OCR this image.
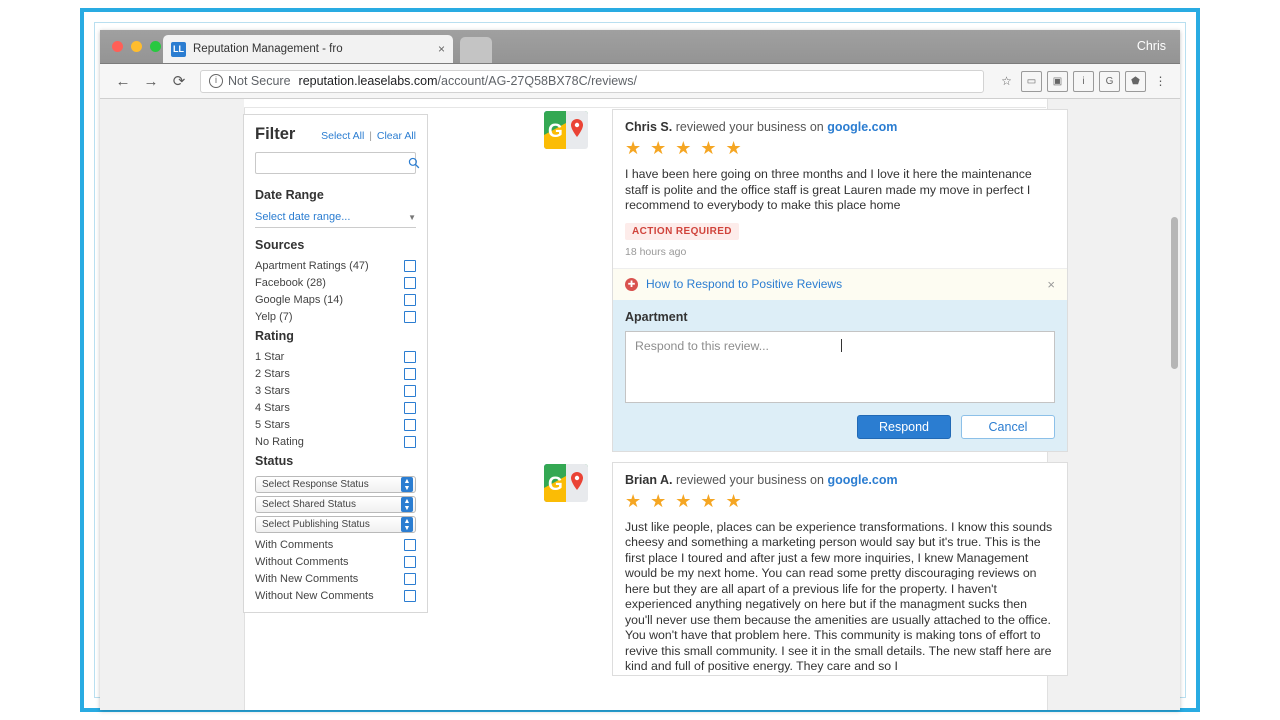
LL Reputation Management - fro	×	Chris
← → ⟳	i Not Secure reputation.leaselabs.com /account/AG-27Q58BX78C/reviews/	☆	▭	▣	i	G	⬟	⋮
Filter	Select All | Clear All
Date Range
Select date range...	▼
Sources
Apartment Ratings (47)
Facebook (28)
Google Maps (14)
Yelp (7)
Rating
1 Star
2 Stars
3 Stars
4 Stars
5 Stars
No Rating
Status
Select Response Status	▲
▼
Select Shared Status	▲
▼
Select Publishing Status	▲
▼
With Comments
Without Comments
With New Comments
Without New Comments
G	Chris S. reviewed your business on google.com
★ ★ ★ ★ ★
I have been here going on three months and I love it here the maintenance staff is polite and the office staff is great Lauren made my move in perfect I recommend to everybody to make this place home
ACTION REQUIRED
18 hours ago
✚ How to Respond to Positive Reviews	×
Apartment
Respond to this review...
Respond	Cancel
G	Brian A. reviewed your business on google.com
★ ★ ★ ★ ★
Just like people, places can be experience transformations. I know this sounds cheesy and something a marketing person would say but it's true. This is the first place I toured and after just a few more inquiries, I knew Management would be my next home. You can read some pretty discouraging reviews on here but they are all apart of a previous life for the property. I haven't experienced anything negatively on here but if the managment sucks then you'll never use them because the amenities are usually attached to the office. You won't have that problem here. This community is making tons of effort to revive this small community. I see it in the small details. The new staff here are kind and full of positive energy. They care and so I
